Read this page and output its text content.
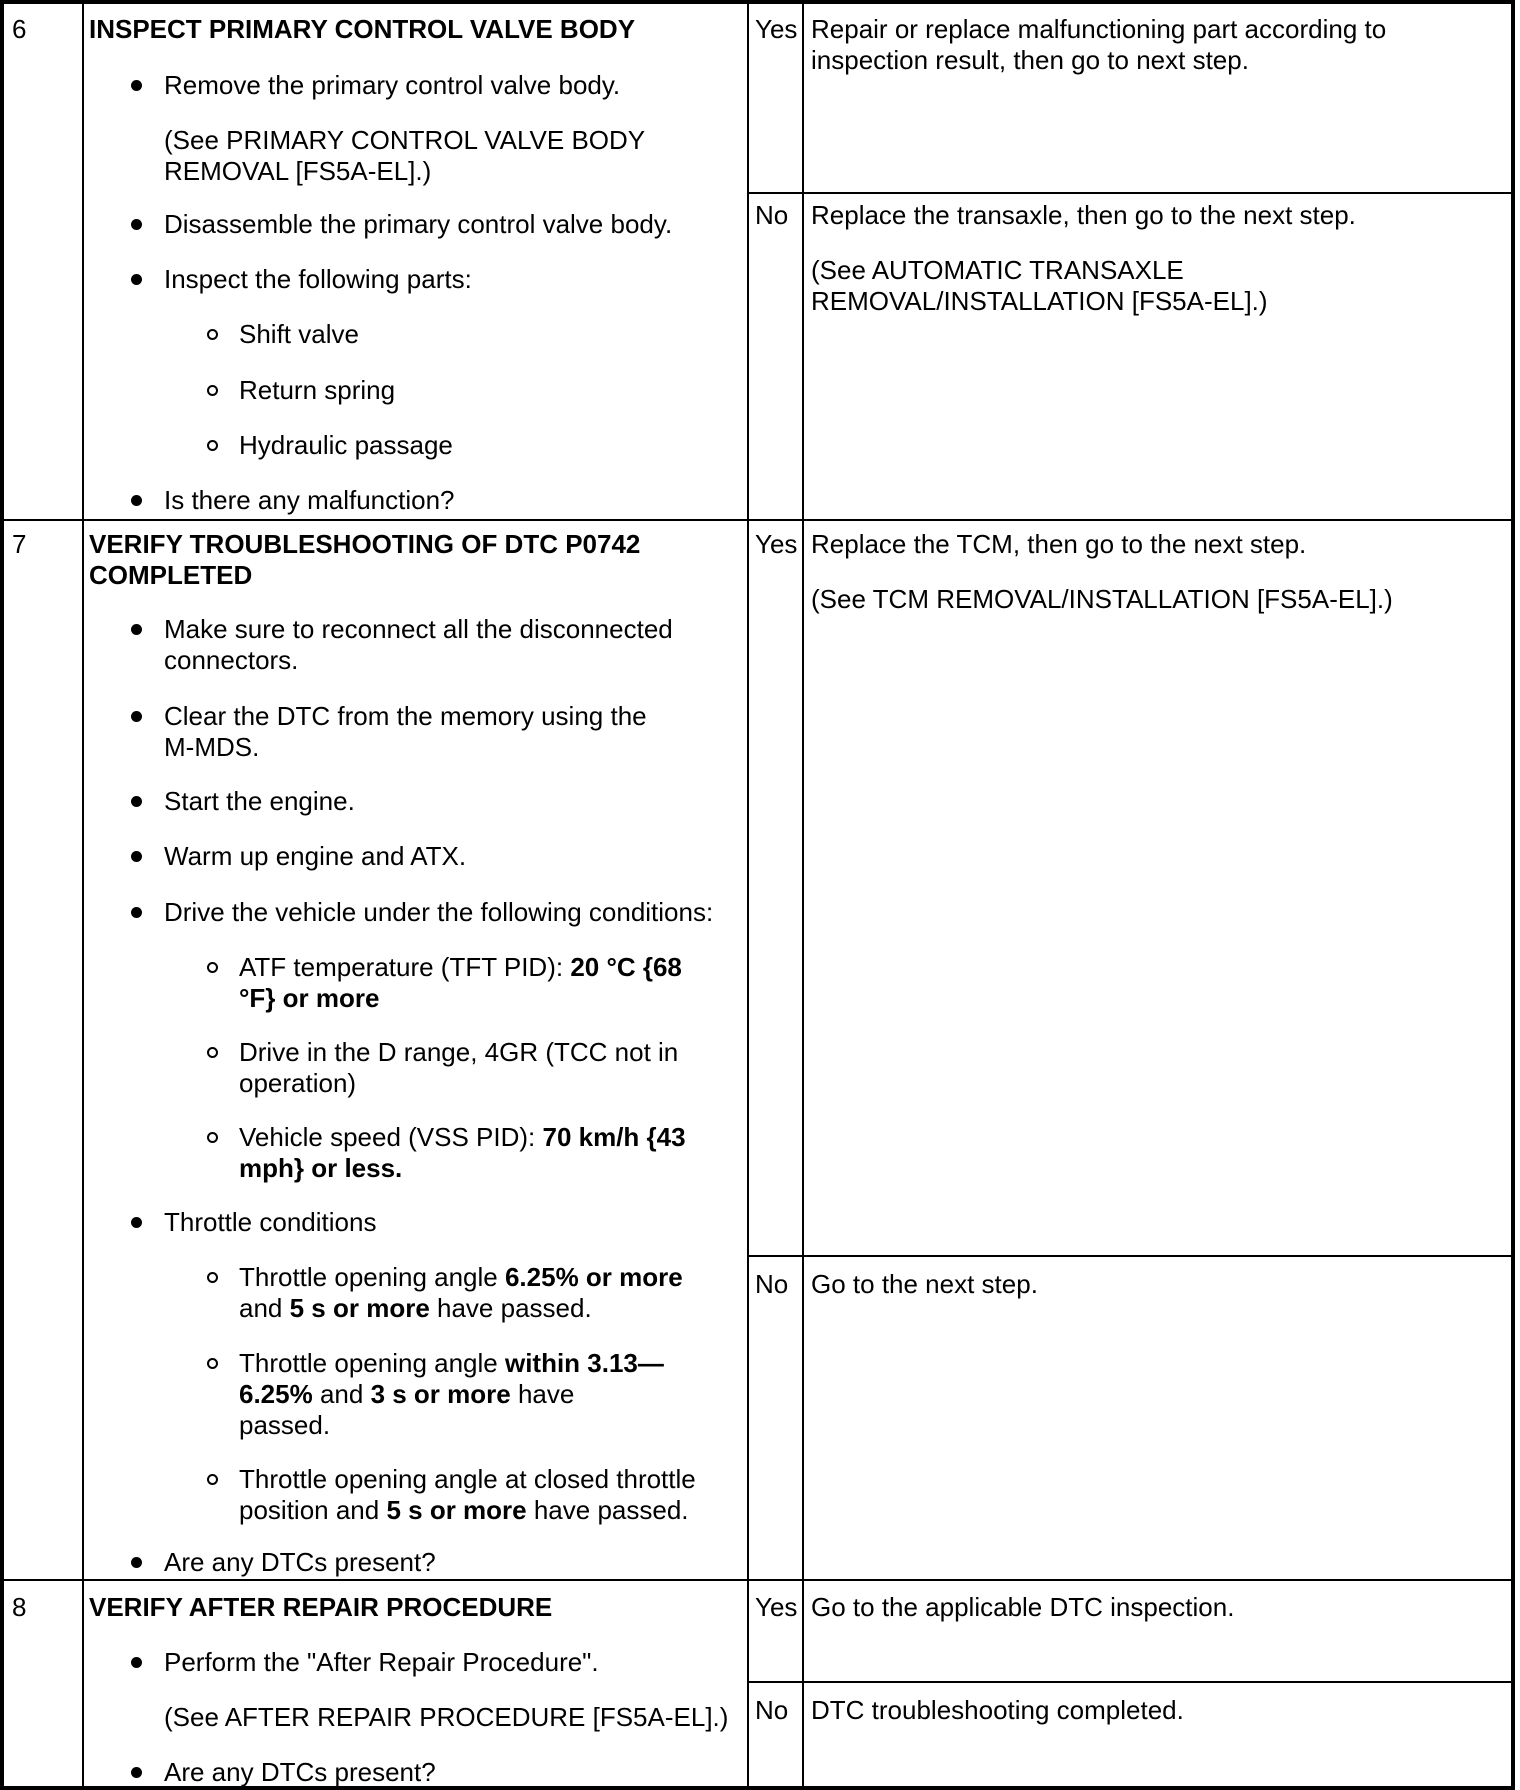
6 INSPECT PRIMARY CONTROL VALVE BODY
Remove the primary control valve body.
(See PRIMARY CONTROL VALVE BODY REMOVAL [FS5A-EL].)
Disassemble the primary control valve body.
Inspect the following parts:
Shift valve
Return spring
Hydraulic passage
Is there any malfunction?
Yes Repair or replace malfunctioning part according to inspection result, then go to next step.
No Replace the transaxle, then go to the next step.
(See AUTOMATIC TRANSAXLE REMOVAL/INSTALLATION [FS5A-EL].)
7 VERIFY TROUBLESHOOTING OF DTC P0742 COMPLETED
Make sure to reconnect all the disconnected connectors.
Clear the DTC from the memory using the M-MDS.
Start the engine.
Warm up engine and ATX.
Drive the vehicle under the following conditions:
ATF temperature (TFT PID): 20 °C {68 °F} or more
Drive in the D range, 4GR (TCC not in operation)
Vehicle speed (VSS PID): 70 km/h {43 mph} or less.
Throttle conditions
Throttle opening angle 6.25% or more and 5 s or more have passed.
Throttle opening angle within 3.13—6.25% and 3 s or more have passed.
Throttle opening angle at closed throttle position and 5 s or more have passed.
Are any DTCs present?
Yes Replace the TCM, then go to the next step.
(See TCM REMOVAL/INSTALLATION [FS5A-EL].)
No Go to the next step.
8 VERIFY AFTER REPAIR PROCEDURE
Perform the "After Repair Procedure".
(See AFTER REPAIR PROCEDURE [FS5A-EL].)
Are any DTCs present?
Yes Go to the applicable DTC inspection.
No DTC troubleshooting completed.
